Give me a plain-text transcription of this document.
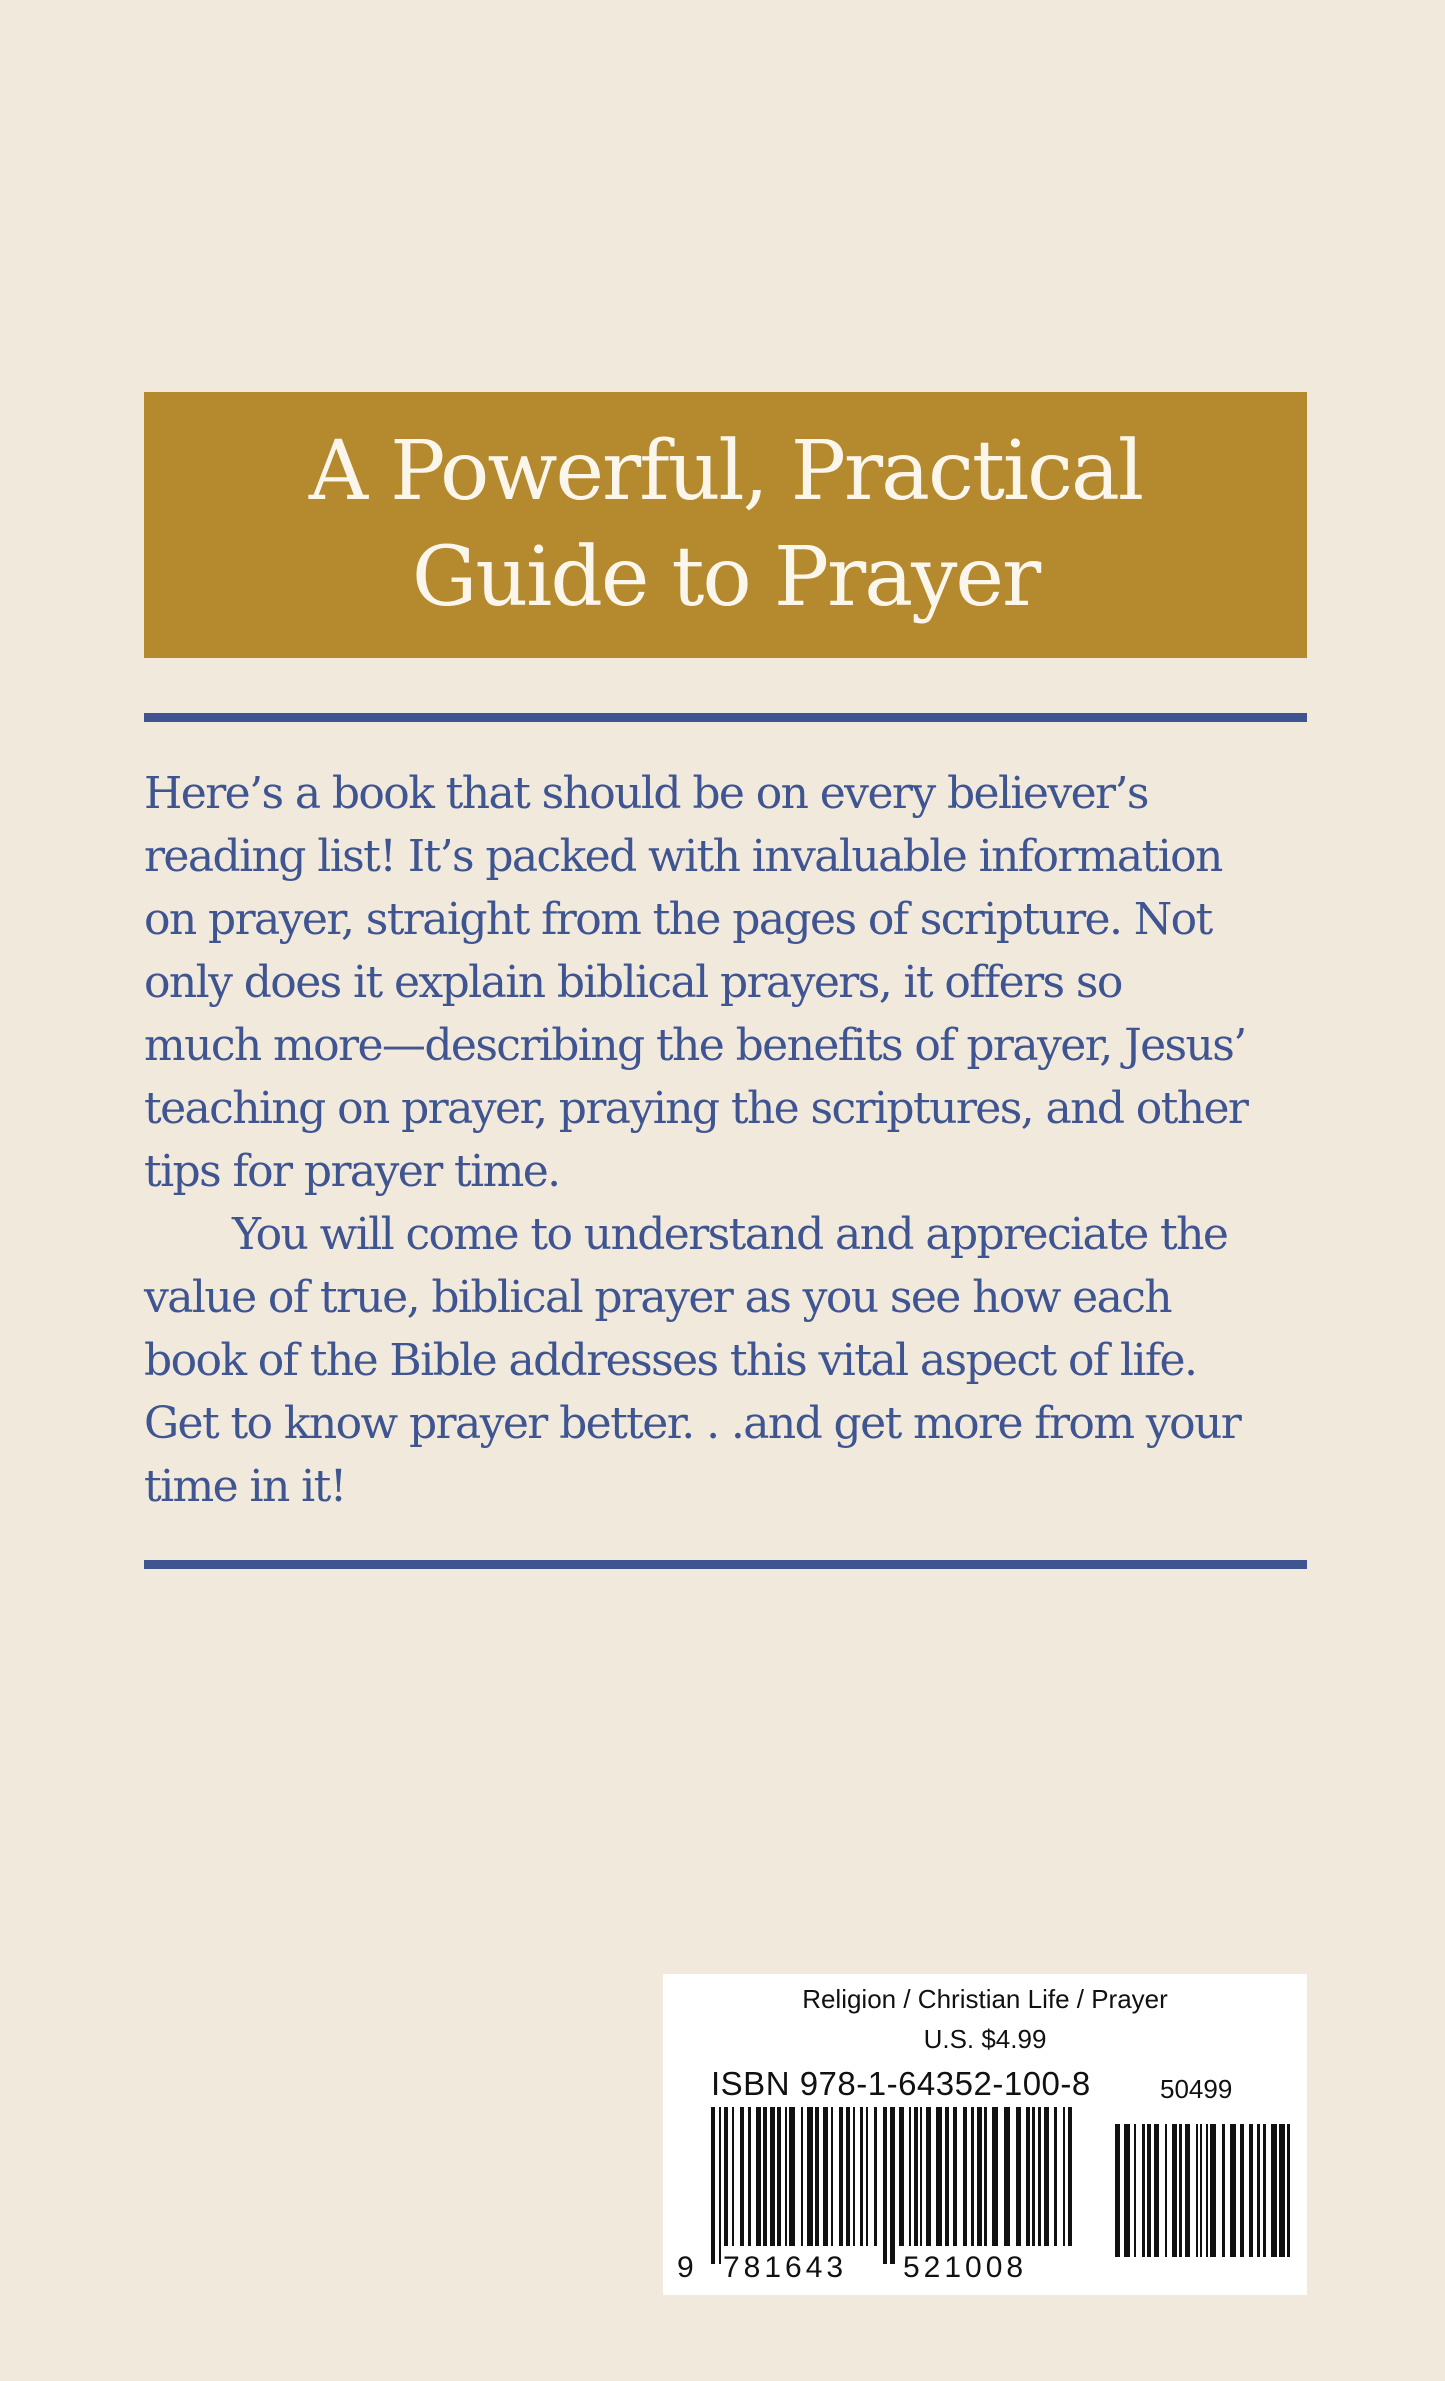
A Powerful, Practical
Guide to Prayer
Here’s a book that should be on every believer’s
reading list! It’s packed with invaluable information
on prayer, straight from the pages of scripture. Not
only does it explain biblical prayers, it offers so
much more—describing the benefits of prayer, Jesus’
teaching on prayer, praying the scriptures, and other
tips for prayer time.
You will come to understand and appreciate the
value of true, biblical prayer as you see how each
book of the Bible addresses this vital aspect of life.
Get to know prayer better. . .and get more from your
time in it!
Religion / Christian Life / Prayer
U.S. $4.99
ISBN 978-1-64352-100-8	50499
9 781643 521008
